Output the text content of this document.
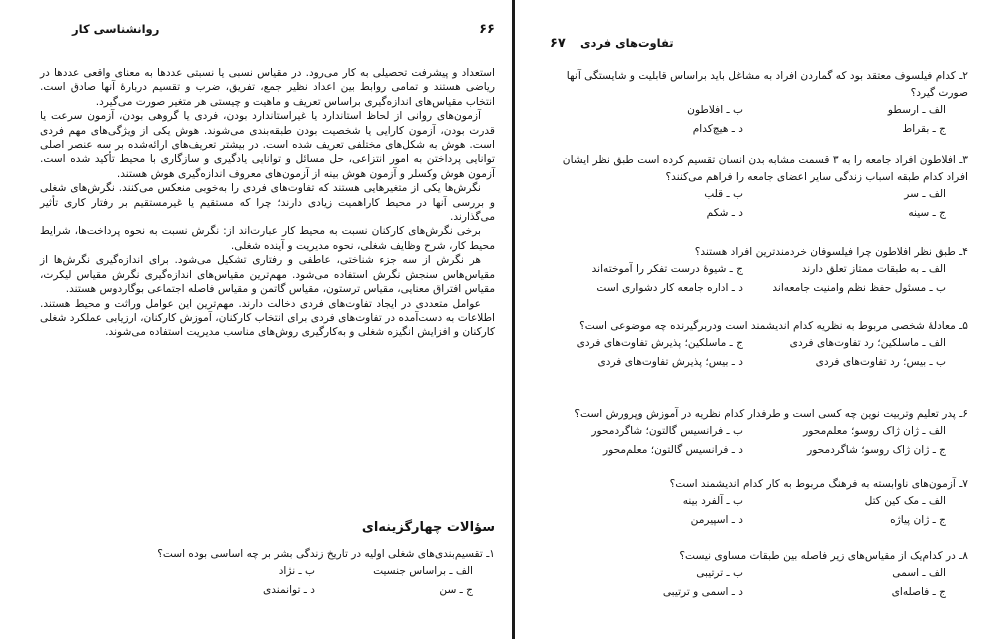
۶۶
روانشناسی کار

استعداد و پیشرفت تحصیلی به کار می‌رود. در مقیاس نسبی یا نسبتی عددها به معنای واقعی عددها در ریاضی هستند و تمامی روابط بین اعداد نظیر جمع، تفریق، ضرب و تقسیم دربارهٔ آنها صادق است. انتخاب مقیاس‌های اندازه‌گیری براساس تعریف و ماهیت و چیستی هر متغیر صورت می‌گیرد.

آزمون‌های روانی از لحاظ استاندارد یا غیراستاندارد بودن، فردی یا گروهی بودن، آزمون سرعت یا قدرت بودن، آزمون کارایی یا شخصیت بودن طبقه‌بندی می‌شوند. هوش یکی از ویژگی‌های مهم فردی است. هوش به شکل‌های مختلفی تعریف شده است. در بیشتر تعریف‌های ارائه‌شده بر سه عنصر اصلی توانایی پرداختن به امور انتزاعی، حل مسائل و توانایی یادگیری و سازگاری با محیط تأکید شده است. آزمون هوش وکسلر و آزمون هوش بینه از آزمون‌های معروف اندازه‌گیری هوش هستند.

نگرش‌ها یکی از متغیرهایی هستند که تفاوت‌های فردی را به‌خوبی منعکس می‌کنند. نگرش‌های شغلی و بررسی آنها در محیط کاراهمیت زیادی دارند؛ چرا که مستقیم یا غیرمستقیم بر رفتار کاری تأثیر می‌گذارند.

برخی نگرش‌های کارکنان نسبت به محیط کار عبارت‌اند از: نگرش نسبت به نحوه پرداخت‌ها، شرایط محیط کار، شرح وظایف شغلی، نحوه مدیریت و آینده شغلی.

هر نگرش از سه جزء شناختی، عاطفی و رفتاری تشکیل می‌شود. برای اندازه‌گیری نگرش‌ها از مقیاس‌هاس سنجش نگرش استفاده می‌شود. مهم‌ترین مقیاس‌های اندازه‌گیری نگرش مقیاس لیکرت، مقیاس افتراق معنایی، مقیاس ترستون، مقیاس گاتمن و مقیاس فاصله اجتماعی بوگاردوس هستند.

عوامل متعددی در ایجاد تفاوت‌های فردی دخالت دارند. مهم‌ترین این عوامل وراثت و محیط هستند. اطلاعات به دست‌آمده در تفاوت‌های فردی برای انتخاب کارکنان، آموزش کارکنان، ارزیابی عملکرد شغلی کارکنان و افزایش انگیزه شغلی و به‌کارگیری روش‌های مناسب مدیریت استفاده می‌شوند.

سؤالات چهارگزینه‌ای
۱ـ تقسیم‌بندی‌های شغلی اولیه در تاریخ زندگی بشر بر چه اساسی بوده است؟
الف ـ براساس جنسیت
ب ـ نژاد
ج ـ سن
د ـ توانمندی
۶۷ تفاوت‌های فردی
۲ـ کدام فیلسوف معتقد بود که گماردن افراد به مشاغل باید براساس قابلیت و شایستگی آنها صورت گیرد؟
الف ـ ارسطو
ب ـ افلاطون
ج ـ بقراط
د ـ هیچ‌کدام
۳ـ افلاطون افراد جامعه را به ۳ قسمت مشابه بدن انسان تقسیم کرده است طبق نظر ایشان افراد کدام طبقه اسباب زندگی سایر اعضای جامعه را فراهم می‌کنند؟
الف ـ سر
ب ـ قلب
ج ـ سینه
د ـ شکم
۴ـ طبق نظر افلاطون چرا فیلسوفان خردمندترین افراد هستند؟
الف ـ به طبقات ممتاز تعلق دارند
ج ـ شیوهٔ درست تفکر را آموخته‌اند
ب ـ مسئول حفظ نظم وامنیت جامعه‌اند
د ـ اداره جامعه کار دشواری است
۵ـ معادلهٔ شخصی مربوط به نظریه کدام اندیشمند است ودربرگیرنده چه موضوعی است؟
الف ـ ماسلکین؛ رد تفاوت‌های فردی
ج ـ ماسلکین؛ پذیرش تفاوت‌های فردی
ب ـ بیس؛ رد تفاوت‌های فردی
د ـ بیس؛ پذیرش تفاوت‌های فردی
۶ـ پدر تعلیم وتربیت نوین چه کسی است و طرفدار کدام نظریه در آموزش وپرورش است؟
الف ـ ژان ژاک روسو؛ معلم‌محور
ب ـ فرانسیس گالتون؛ شاگردمحور
ج ـ ژان ژاک روسو؛ شاگردمحور
د ـ فرانسیس گالتون؛ معلم‌محور
۷ـ آزمون‌های ناوابسته به فرهنگ مربوط به کار کدام اندیشمند است؟
الف ـ مک کین کتل
ب ـ آلفرد بینه
ج ـ ژان پیاژه
د ـ اسپیرمن
۸ـ در کدام‌یک از مقیاس‌های زیر فاصله بین طبقات مساوی نیست؟
الف ـ اسمی
ب ـ ترتیبی
ج ـ فاصله‌ای
د ـ اسمی و ترتیبی
